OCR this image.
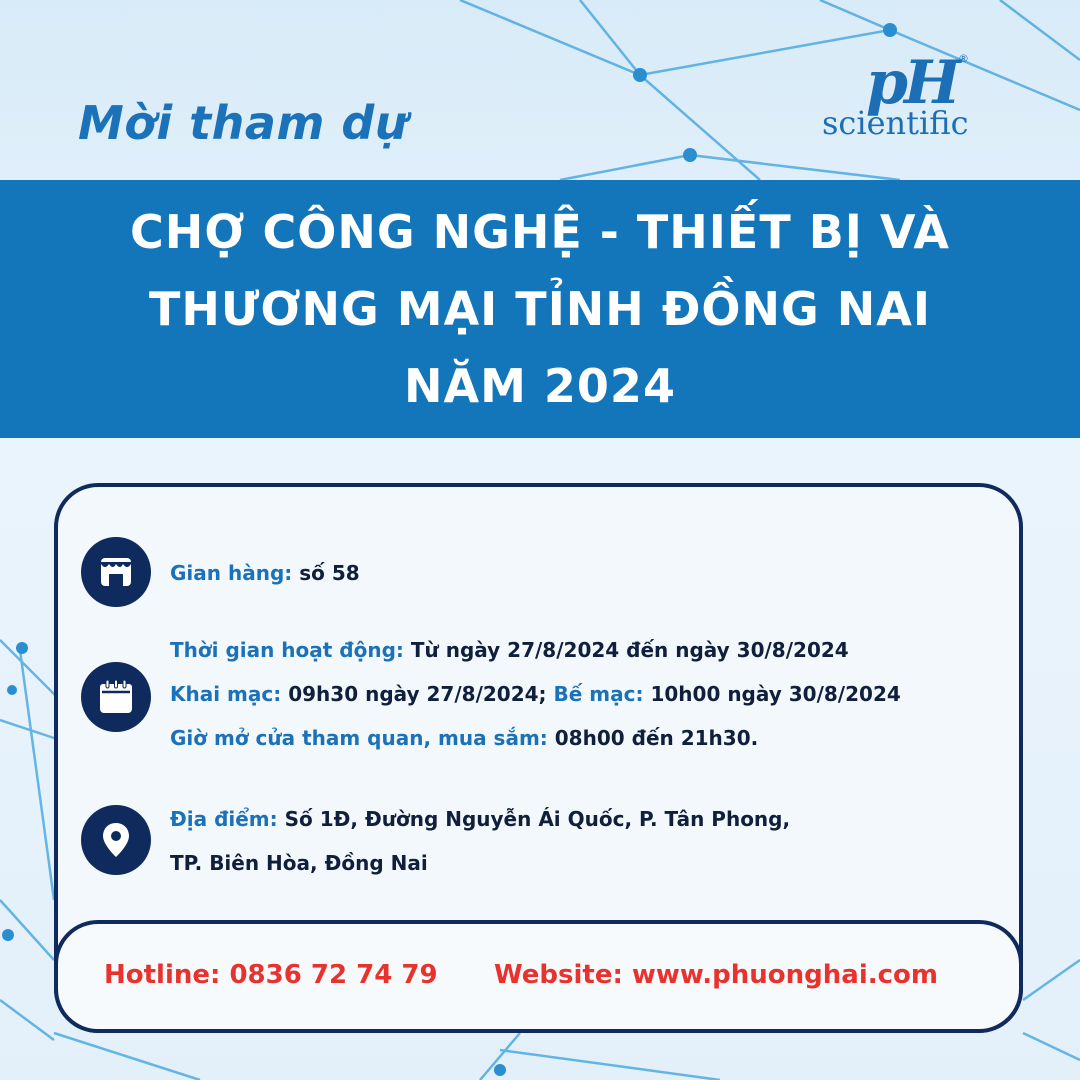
Mời tham dự
pH ®
scientific
CHỢ CÔNG NGHỆ - THIẾT BỊ VÀ
THƯƠNG MẠI TỈNH ĐỒNG NAI
NĂM 2024
Gian hàng: số 58
Thời gian hoạt động: Từ ngày 27/8/2024 đến ngày 30/8/2024
Khai mạc: 09h30 ngày 27/8/2024; Bế mạc: 10h00 ngày 30/8/2024
Giờ mở cửa tham quan, mua sắm: 08h00 đến 21h30.
Địa điểm: Số 1Đ, Đường Nguyễn Ái Quốc, P. Tân Phong,
TP. Biên Hòa, Đồng Nai
Hotline: 0836 72 74 79 Website: www.phuonghai.com
